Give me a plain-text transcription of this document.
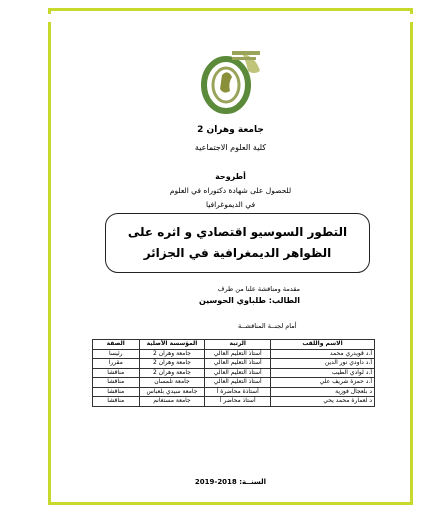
جامعة وهران 2
كلية العلوم الاجتماعية
أطروحة
للحصول على شهادة دكتوراه في العلوم
في الديموغرافيا
التطور السوسيو اقتصادي و اثره على
الظواهر الديمغرافية في الجزائر
مقدمة ومناقشة علنا من طرف
الطالب: طلباوي الحوسين
أمام لجنــة المناقشــة
الاسم واللقب	الرتبة	المؤسسة الأصلية	الصفة
أ.د قويدري محمد	أستاذ التعليم العالي	جامعة وهران 2	رئيسا
أ.د داودي نور الدين	أستاذ التعليم العالي	جامعة وهران 2	مقررا
أ.د لوادي الطيب	أستاذ التعليم العالي	جامعة وهران 2	مناقشا
أ.د حمزة شريف علي	أستاذ التعليم العالي	جامعة تلمسان	مناقشا
د بلعجال فوزية	أستاذة محاضرة أ	جامعة سيدي بلعباس	مناقشا
د لعمارة محمد يحي	أستاذ محاضر أ	جامعة مستغانم	مناقشا
السنــة: 2018-2019
